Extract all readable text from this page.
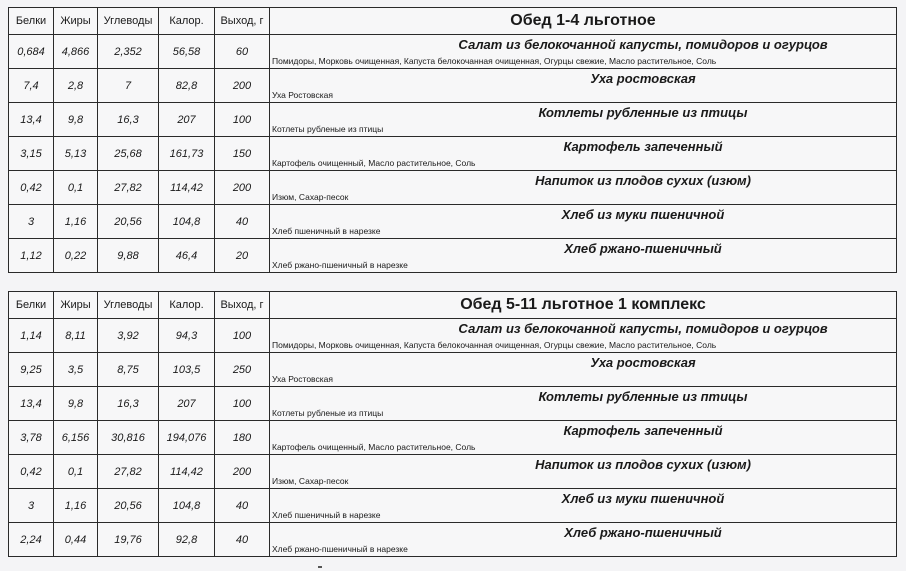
Белки	Жиры	Углеводы	Калор.	Выход, г	Обед 1-4 льготное
0,684	4,866	2,352	56,58	60	Салат из белокочанной капусты, помидоров и огурцов
Помидоры, Морковь очищенная, Капуста белокочанная очищенная, Огурцы свежие, Масло растительное, Соль

7,4	2,8	7	82,8	200	Уха ростовская
Уха Ростовская

13,4	9,8	16,3	207	100	Котлеты рубленные из птицы
Котлеты рубленые из птицы

3,15	5,13	25,68	161,73	150	Картофель запеченный
Картофель очищенный, Масло растительное, Соль

0,42	0,1	27,82	114,42	200	Напиток из плодов сухих (изюм)
Изюм, Сахар-песок

3	1,16	20,56	104,8	40	Хлеб из муки пшеничной
Хлеб пшеничный в нарезке

1,12	0,22	9,88	46,4	20	Хлеб ржано-пшеничный
Хлеб ржано-пшеничный в нарезке
Белки	Жиры	Углеводы	Калор.	Выход, г	Обед 5-11 льготное 1 комплекс
1,14	8,11	3,92	94,3	100	Салат из белокочанной капусты, помидоров и огурцов
Помидоры, Морковь очищенная, Капуста белокочанная очищенная, Огурцы свежие, Масло растительное, Соль

9,25	3,5	8,75	103,5	250	Уха ростовская
Уха Ростовская

13,4	9,8	16,3	207	100	Котлеты рубленные из птицы
Котлеты рубленые из птицы

3,78	6,156	30,816	194,076	180	Картофель запеченный
Картофель очищенный, Масло растительное, Соль

0,42	0,1	27,82	114,42	200	Напиток из плодов сухих (изюм)
Изюм, Сахар-песок

3	1,16	20,56	104,8	40	Хлеб из муки пшеничной
Хлеб пшеничный в нарезке

2,24	0,44	19,76	92,8	40	Хлеб ржано-пшеничный
Хлеб ржано-пшеничный в нарезке
